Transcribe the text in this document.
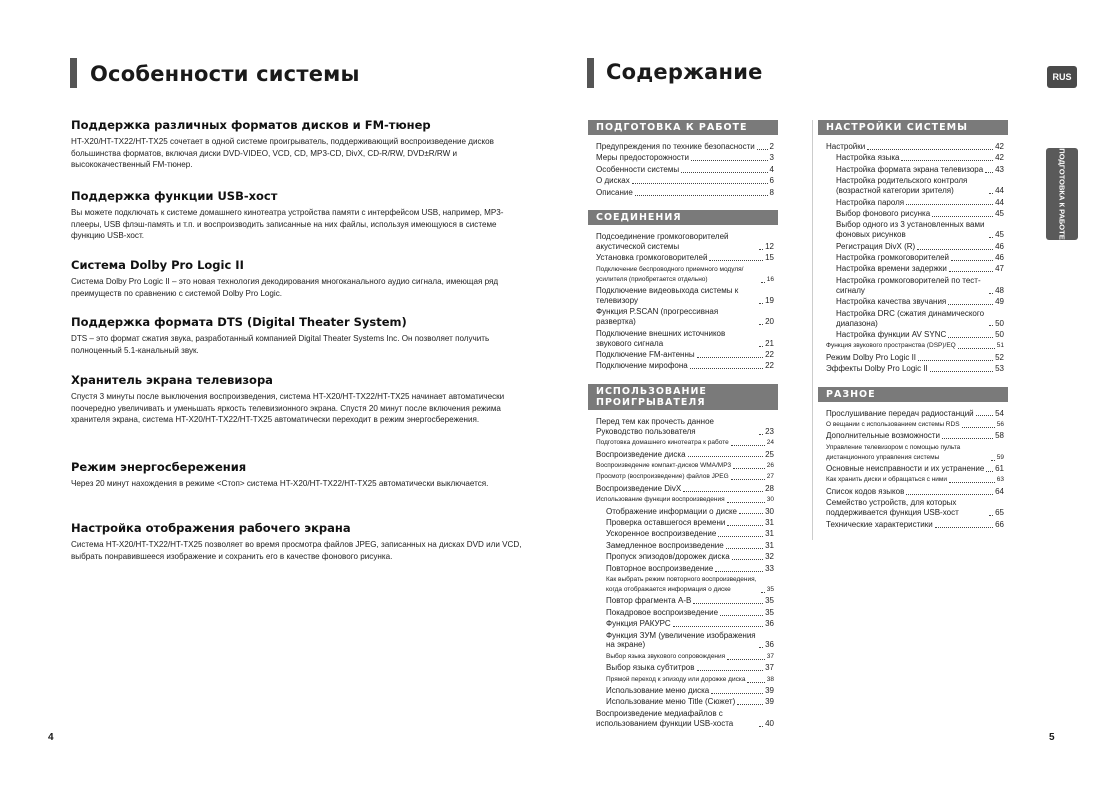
Особенности системы
Поддержка различных форматов дисков и FM-тюнер

HT-X20/HT-TX22/HT-TX25 сочетает в одной системе проигрыватель, поддерживающий воспроизведение дисков большинства форматов, включая диски DVD-VIDEO, VCD, CD, MP3-CD, DivX, CD-R/RW, DVD±R/RW и высококачественный FM-тюнер.

Поддержка функции USB-хост

Вы можете подключать к системе домашнего кинотеатра устройства памяти с интерфейсом USB, например, MP3-плееры, USB флэш-память и т.п. и воспроизводить записанные на них файлы, используя имеющуюся в системе функцию USB-хост.

Система Dolby Pro Logic II

Система Dolby Pro Logic II – это новая технология декодирования многоканального аудио сигнала, имеющая ряд преимуществ по сравнению с системой Dolby Pro Logic.

Поддержка формата DTS (Digital Theater System)

DTS – это формат сжатия звука, разработанный компанией Digital Theater Systems Inc. Он позволяет получить полноценный 5.1-канальный звук.

Хранитель экрана телевизора

Спустя 3 минуты после выключения воспроизведения, система HT-X20/HT-TX22/HT-TX25 начинает автоматически поочередно увеличивать и уменьшать яркость телевизионного экрана. Спустя 20 минут после включения режима хранителя экрана, система HT-X20/HT-TX22/HT-TX25 автоматически переходит в режим энергосбережения.

Режим энергосбережения

Через 20 минут нахождения в режиме <Стоп> система HT-X20/HT-TX22/HT-TX25 автоматически выключается.

Настройка отображения рабочего экрана

Система HT-X20/HT-TX22/HT-TX25 позволяет во время просмотра файлов JPEG, записанных на дисках DVD или VCD, выбрать понравившееся изображение и сохранить его в качестве фонового рисунка.

4
Содержание	RUS
ПОДГОТОВКА К РАБОТЕ
ПОДГОТОВКА К РАБОТЕ
Предупреждения по технике безопасности 2
Меры предосторожности	3
Особенности системы	4
О дисках	6
Описание	8
СОЕДИНЕНИЯ
Подсоединение громкоговорителей акустической системы	12
Установка громкоговорителей	15
Подключение беспроводного приемного модуля/усилителя (приобретается отдельно)	16
Подключение видеовыхода системы к телевизору	19
Функция P.SCAN (прогрессивная развертка)	20
Подключение внешних источников звукового сигнала	21
Подключение FM-антенны	22
Подключение мирофона	22
ИСПОЛЬЗОВАНИЕ ПРОИГРЫВАТЕЛЯ
Перед тем как прочесть данное Руководство пользователя	23
Подготовка домашнего кинотеатра к работе	24
Воспроизведение диска	25
Воспроизведение компакт-дисков WMA/MP3	26
Просмотр (воспроизведение) файлов JPEG	27
Воспроизведение DivX	28
Использование функции воспроизведения	30
Отображение информации о диске	30
Проверка оставшегося времени	31
Ускоренное воспроизведение	31
Замедленное воспроизведение	31
Пропуск эпизодов/дорожек диска	32
Повторное воспроизведение	33
Как выбрать режим повторного воспроизведения, когда отображается информация о диске	35
Повтор фрагмента A-B	35
Покадровое воспроизведение	35
Функция РАКУРС	36
Функция ЗУМ (увеличение изображения на экране)	36
Выбор языка звукового сопровождения	37
Выбор языка субтитров	37
Прямой переход к эпизоду или дорожке диска	38
Использование меню диска	39
Использование меню Title (Сюжет)	39
Воспроизведение медиафайлов с использованием функции USB-хоста	40
НАСТРОЙКИ СИСТЕМЫ
Настройки	42
Настройка языка	42
Настройка формата экрана телевизора 43
Настройка родительского контроля (возрастной категории зрителя)	44
Настройка пароля	44
Выбор фонового рисунка	45
Выбор одного из 3 установленных вами фоновых рисунков	45
Регистрация DivX (R)	46
Настройка громкоговорителей	46
Настройка времени задержки	47
Настройка громкоговорителей по тест-сигналу	48
Настройка качества звучания	49
Настройка DRC (сжатия динамического диапазона)	50
Настройка функции AV SYNC	50
Функция звукового пространства (DSP)/EQ	51
Режим Dolby Pro Logic II	52
Эффекты Dolby Pro Logic II	53
РАЗНОЕ
Прослушивание передач радиостанций	54
О вещании с использованием системы RDS	56
Дополнительные возможности	58
Управление телевизором с помощью пульта дистанционного управления системы	59
Основные неисправности и их устранение 61
Как хранить диски и обращаться с ними	63
Список кодов языков	64
Семейство устройств, для которых поддерживается функция USB-хост	65
Технические характеристики	66
5
